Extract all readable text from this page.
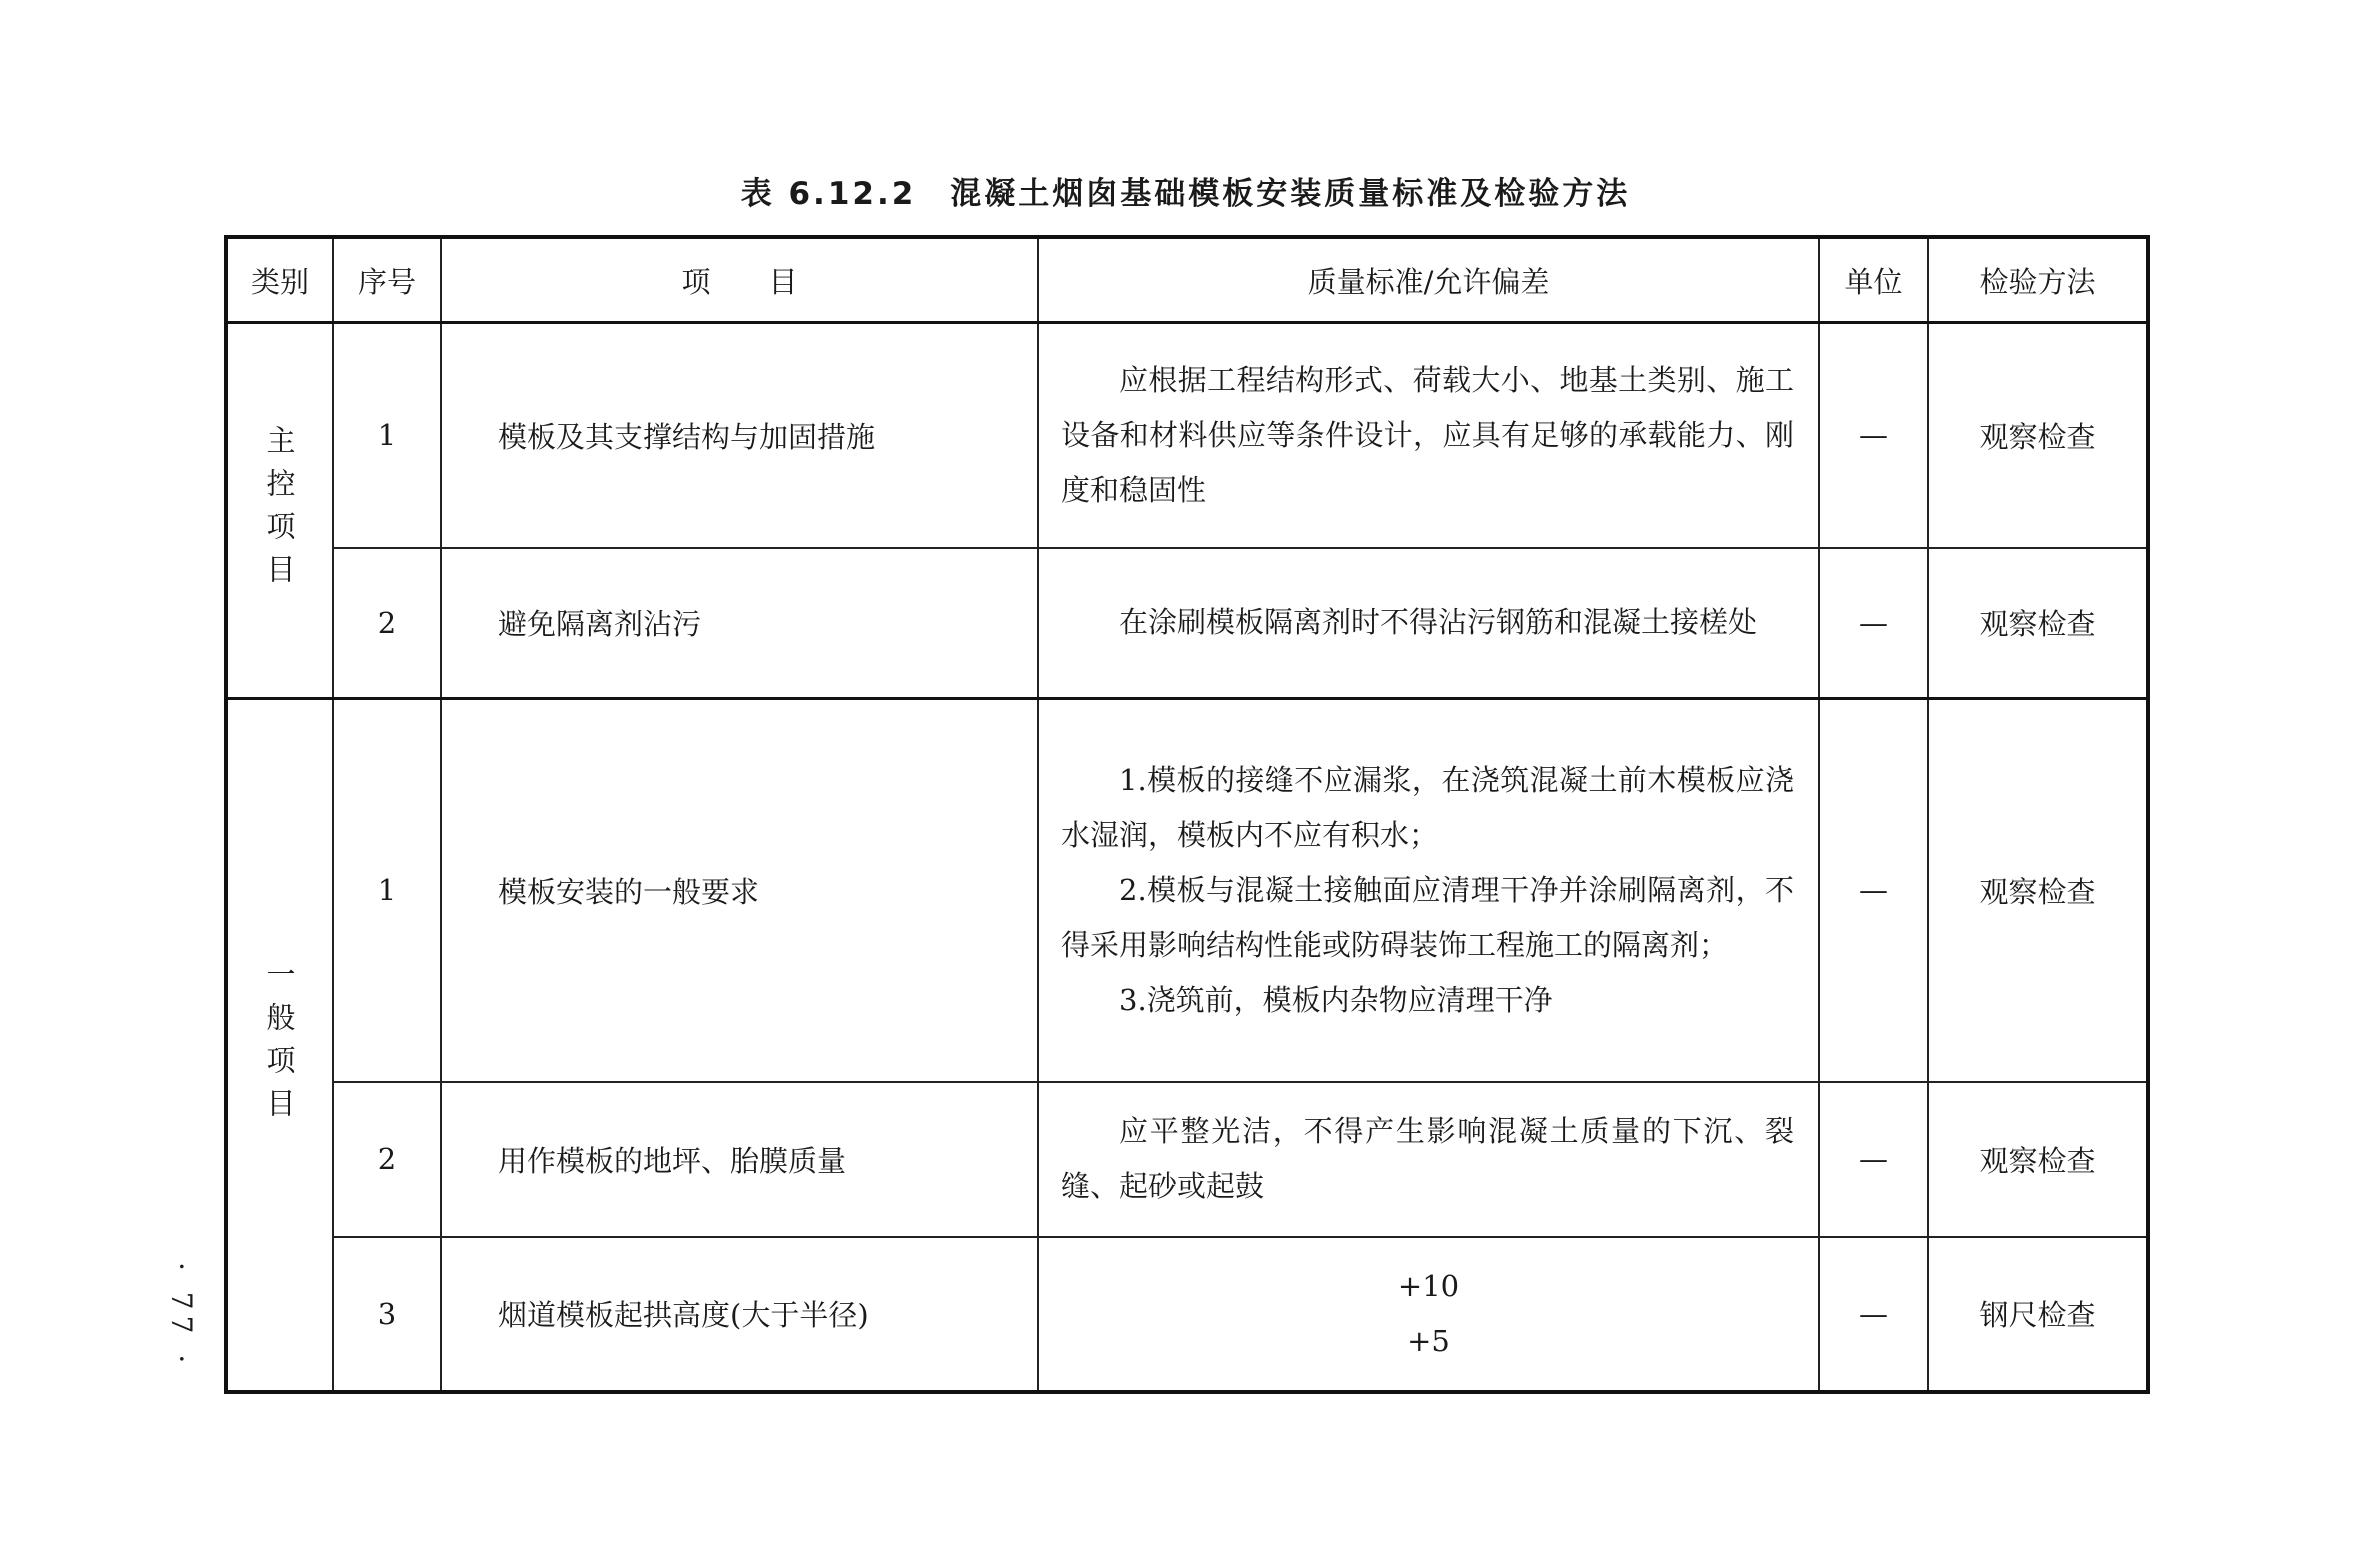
表 6.12.2　混凝土烟囱基础模板安装质量标准及检验方法
类别	序号	项　　目	质量标准/允许偏差	单位	检验方法

主控项目	1	模板及其支撑结构与加固措施	应根据工程结构形式、荷载大小、地基土类别、施工设备和材料供应等条件设计，应具有足够的承载能力、刚度和稳固性	—	观察检查
	2	避免隔离剂沾污	在涂刷模板隔离剂时不得沾污钢筋和混凝土接槎处	—	观察检查

一般项目	1	模板安装的一般要求	1.模板的接缝不应漏浆，在浇筑混凝土前木模板应浇水湿润，模板内不应有积水；

2.模板与混凝土接触面应清理干净并涂刷隔离剂，不得采用影响结构性能或防碍装饰工程施工的隔离剂；

3.浇筑前，模板内杂物应清理干净	—	观察检查
	2	用作模板的地坪、胎膜质量	应平整光洁，不得产生影响混凝土质量的下沉、裂缝、起砂或起鼓	—	观察检查
	3	烟道模板起拱高度(大于半径)	+10
+5	—	钢尺检查
· 77 ·
